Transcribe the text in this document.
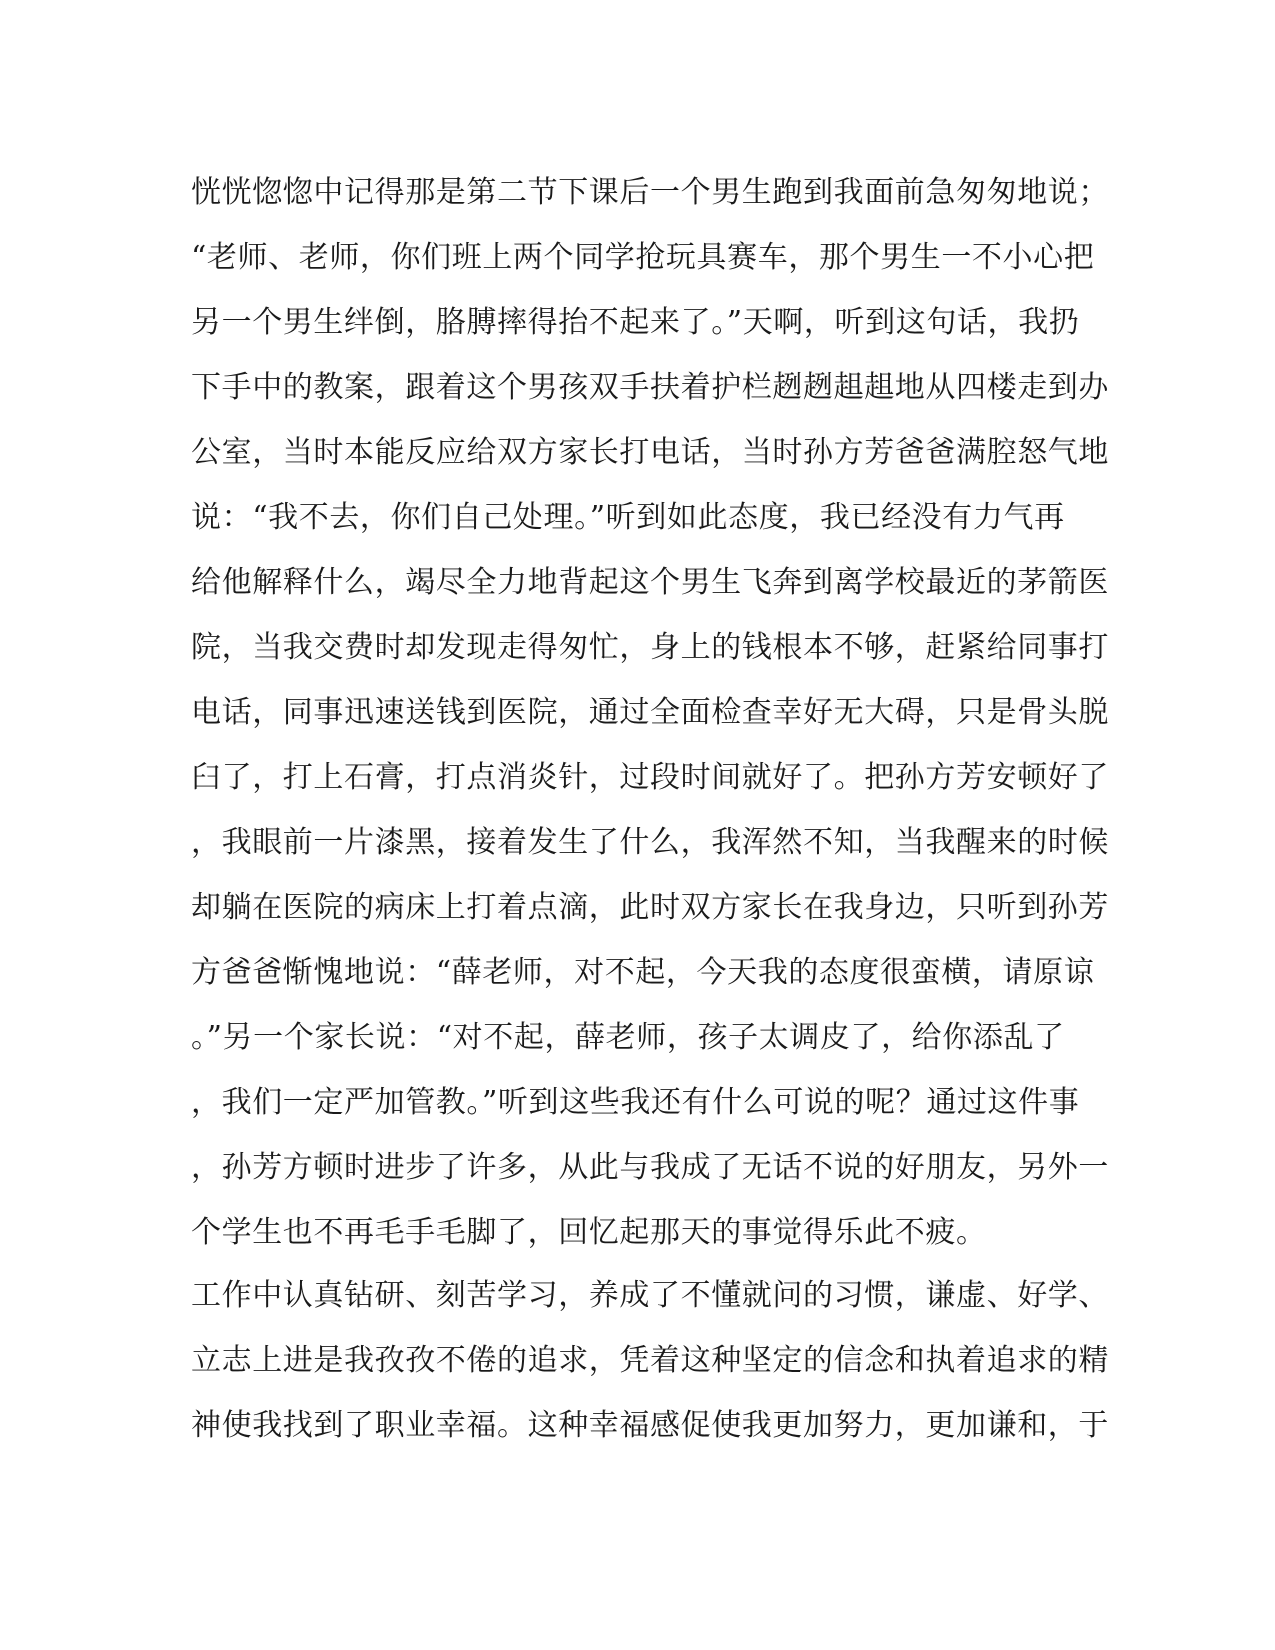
恍恍惚惚中记得那是第二节下课后一个男生跑到我面前急匆匆地说；
“老师、老师，你们班上两个同学抢玩具赛车，那个男生一不小心把
另一个男生绊倒，胳膊摔得抬不起来了。”天啊，听到这句话，我扔
下手中的教案，跟着这个男孩双手扶着护栏趔趔趄趄地从四楼走到办
公室，当时本能反应给双方家长打电话，当时孙方芳爸爸满腔怒气地
说：“我不去，你们自己处理。”听到如此态度，我已经没有力气再
给他解释什么，竭尽全力地背起这个男生飞奔到离学校最近的茅箭医
院，当我交费时却发现走得匆忙，身上的钱根本不够，赶紧给同事打
电话，同事迅速送钱到医院，通过全面检查幸好无大碍，只是骨头脱
臼了，打上石膏，打点消炎针，过段时间就好了。把孙方芳安顿好了
，我眼前一片漆黑，接着发生了什么，我浑然不知，当我醒来的时候
却躺在医院的病床上打着点滴，此时双方家长在我身边，只听到孙芳
方爸爸惭愧地说：“薛老师，对不起，今天我的态度很蛮横，请原谅
。”另一个家长说：“对不起，薛老师，孩子太调皮了，给你添乱了
，我们一定严加管教。”听到这些我还有什么可说的呢？通过这件事
，孙芳方顿时进步了许多，从此与我成了无话不说的好朋友，另外一
个学生也不再毛手毛脚了，回忆起那天的事觉得乐此不疲。
工作中认真钻研、刻苦学习，养成了不懂就问的习惯，谦虚、好学、
立志上进是我孜孜不倦的追求，凭着这种坚定的信念和执着追求的精
神使我找到了职业幸福。这种幸福感促使我更加努力，更加谦和，于
